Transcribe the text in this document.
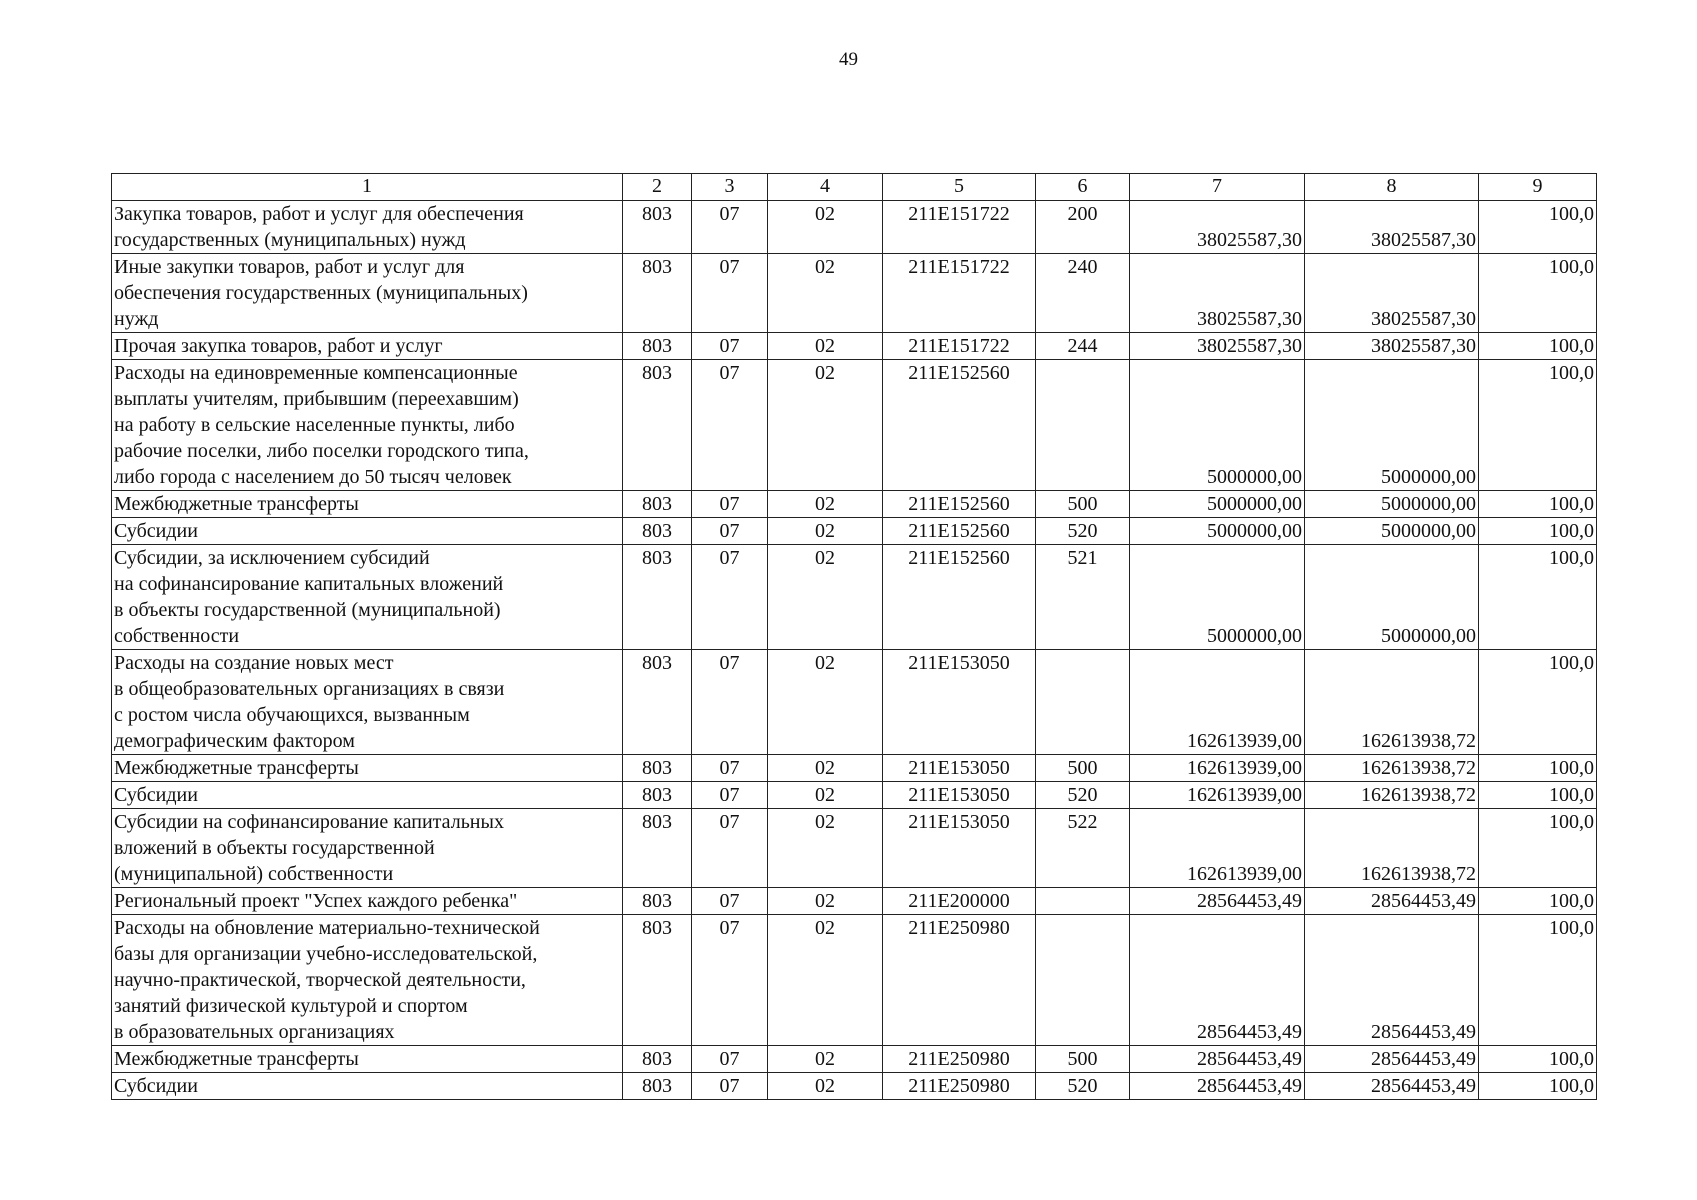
49
1	2	3	4	5	6	7	8	9
Закупка товаров, работ и услуг для обеспечения
государственных (муниципальных) нужд	803	07	02	211Е151722	200	38025587,30	38025587,30	100,0
Иные закупки товаров, работ и услуг для
обеспечения государственных (муниципальных)
нужд	803	07	02	211Е151722	240	38025587,30	38025587,30	100,0
Прочая закупка товаров, работ и услуг	803	07	02	211Е151722	244	38025587,30	38025587,30	100,0
Расходы на единовременные компенсационные
выплаты учителям, прибывшим (переехавшим)
на работу в сельские населенные пункты, либо
рабочие поселки, либо поселки городского типа,
либо города с населением до 50 тысяч человек	803	07	02	211Е152560		5000000,00	5000000,00	100,0
Межбюджетные трансферты	803	07	02	211Е152560	500	5000000,00	5000000,00	100,0
Субсидии	803	07	02	211Е152560	520	5000000,00	5000000,00	100,0
Субсидии, за исключением субсидий
на софинансирование капитальных вложений
в объекты государственной (муниципальной)
собственности	803	07	02	211Е152560	521	5000000,00	5000000,00	100,0
Расходы на создание новых мест
в общеобразовательных организациях в связи
с ростом числа обучающихся, вызванным
демографическим фактором	803	07	02	211Е153050		162613939,00	162613938,72	100,0
Межбюджетные трансферты	803	07	02	211Е153050	500	162613939,00	162613938,72	100,0
Субсидии	803	07	02	211Е153050	520	162613939,00	162613938,72	100,0
Субсидии на софинансирование капитальных
вложений в объекты государственной
(муниципальной) собственности	803	07	02	211Е153050	522	162613939,00	162613938,72	100,0
Региональный проект "Успех каждого ребенка"	803	07	02	211Е200000		28564453,49	28564453,49	100,0
Расходы на обновление материально-технической
базы для организации учебно-исследовательской,
научно-практической, творческой деятельности,
занятий физической культурой и спортом
в образовательных организациях	803	07	02	211Е250980		28564453,49	28564453,49	100,0
Межбюджетные трансферты	803	07	02	211Е250980	500	28564453,49	28564453,49	100,0
Субсидии	803	07	02	211Е250980	520	28564453,49	28564453,49	100,0
